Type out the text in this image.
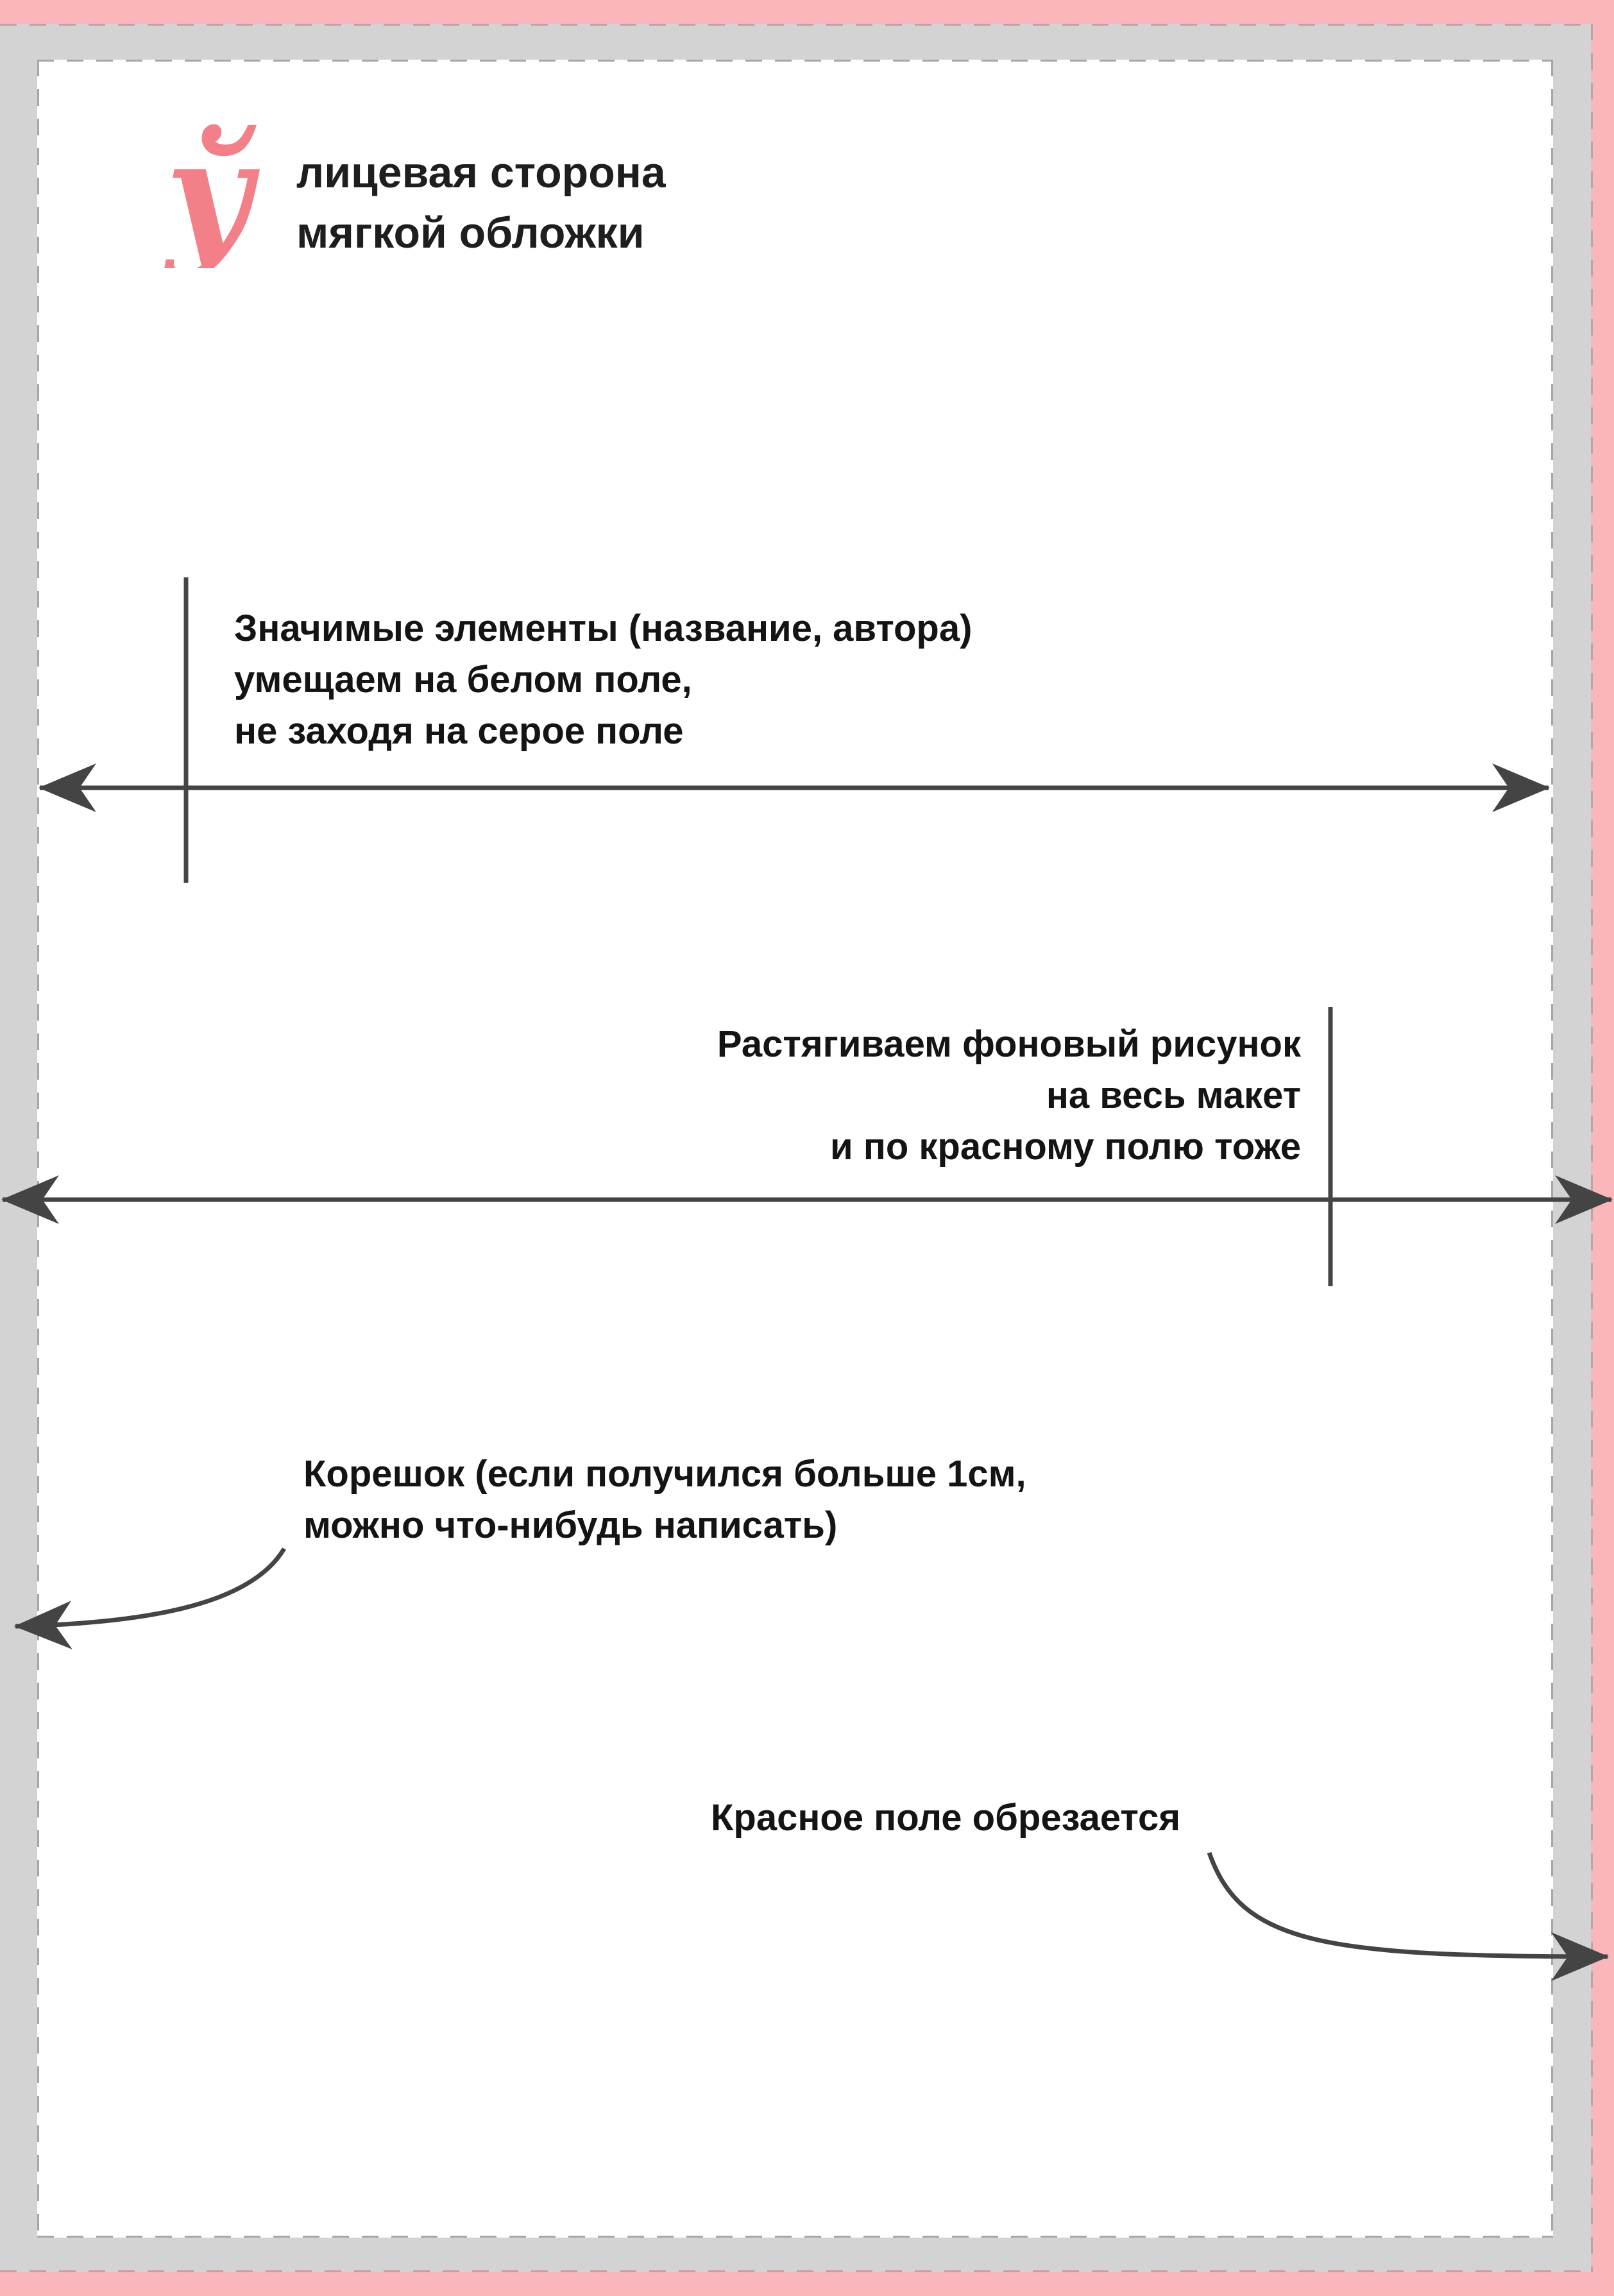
ў лицевая сторона
мягкой обложки
Значимые элементы (название, автора)
умещаем на белом поле,
не заходя на серое поле
Растягиваем фоновый рисунок
на весь макет
и по красному полю тоже
Корешок (если получился больше 1см,
можно что-нибудь написать)
Красное поле обрезается
